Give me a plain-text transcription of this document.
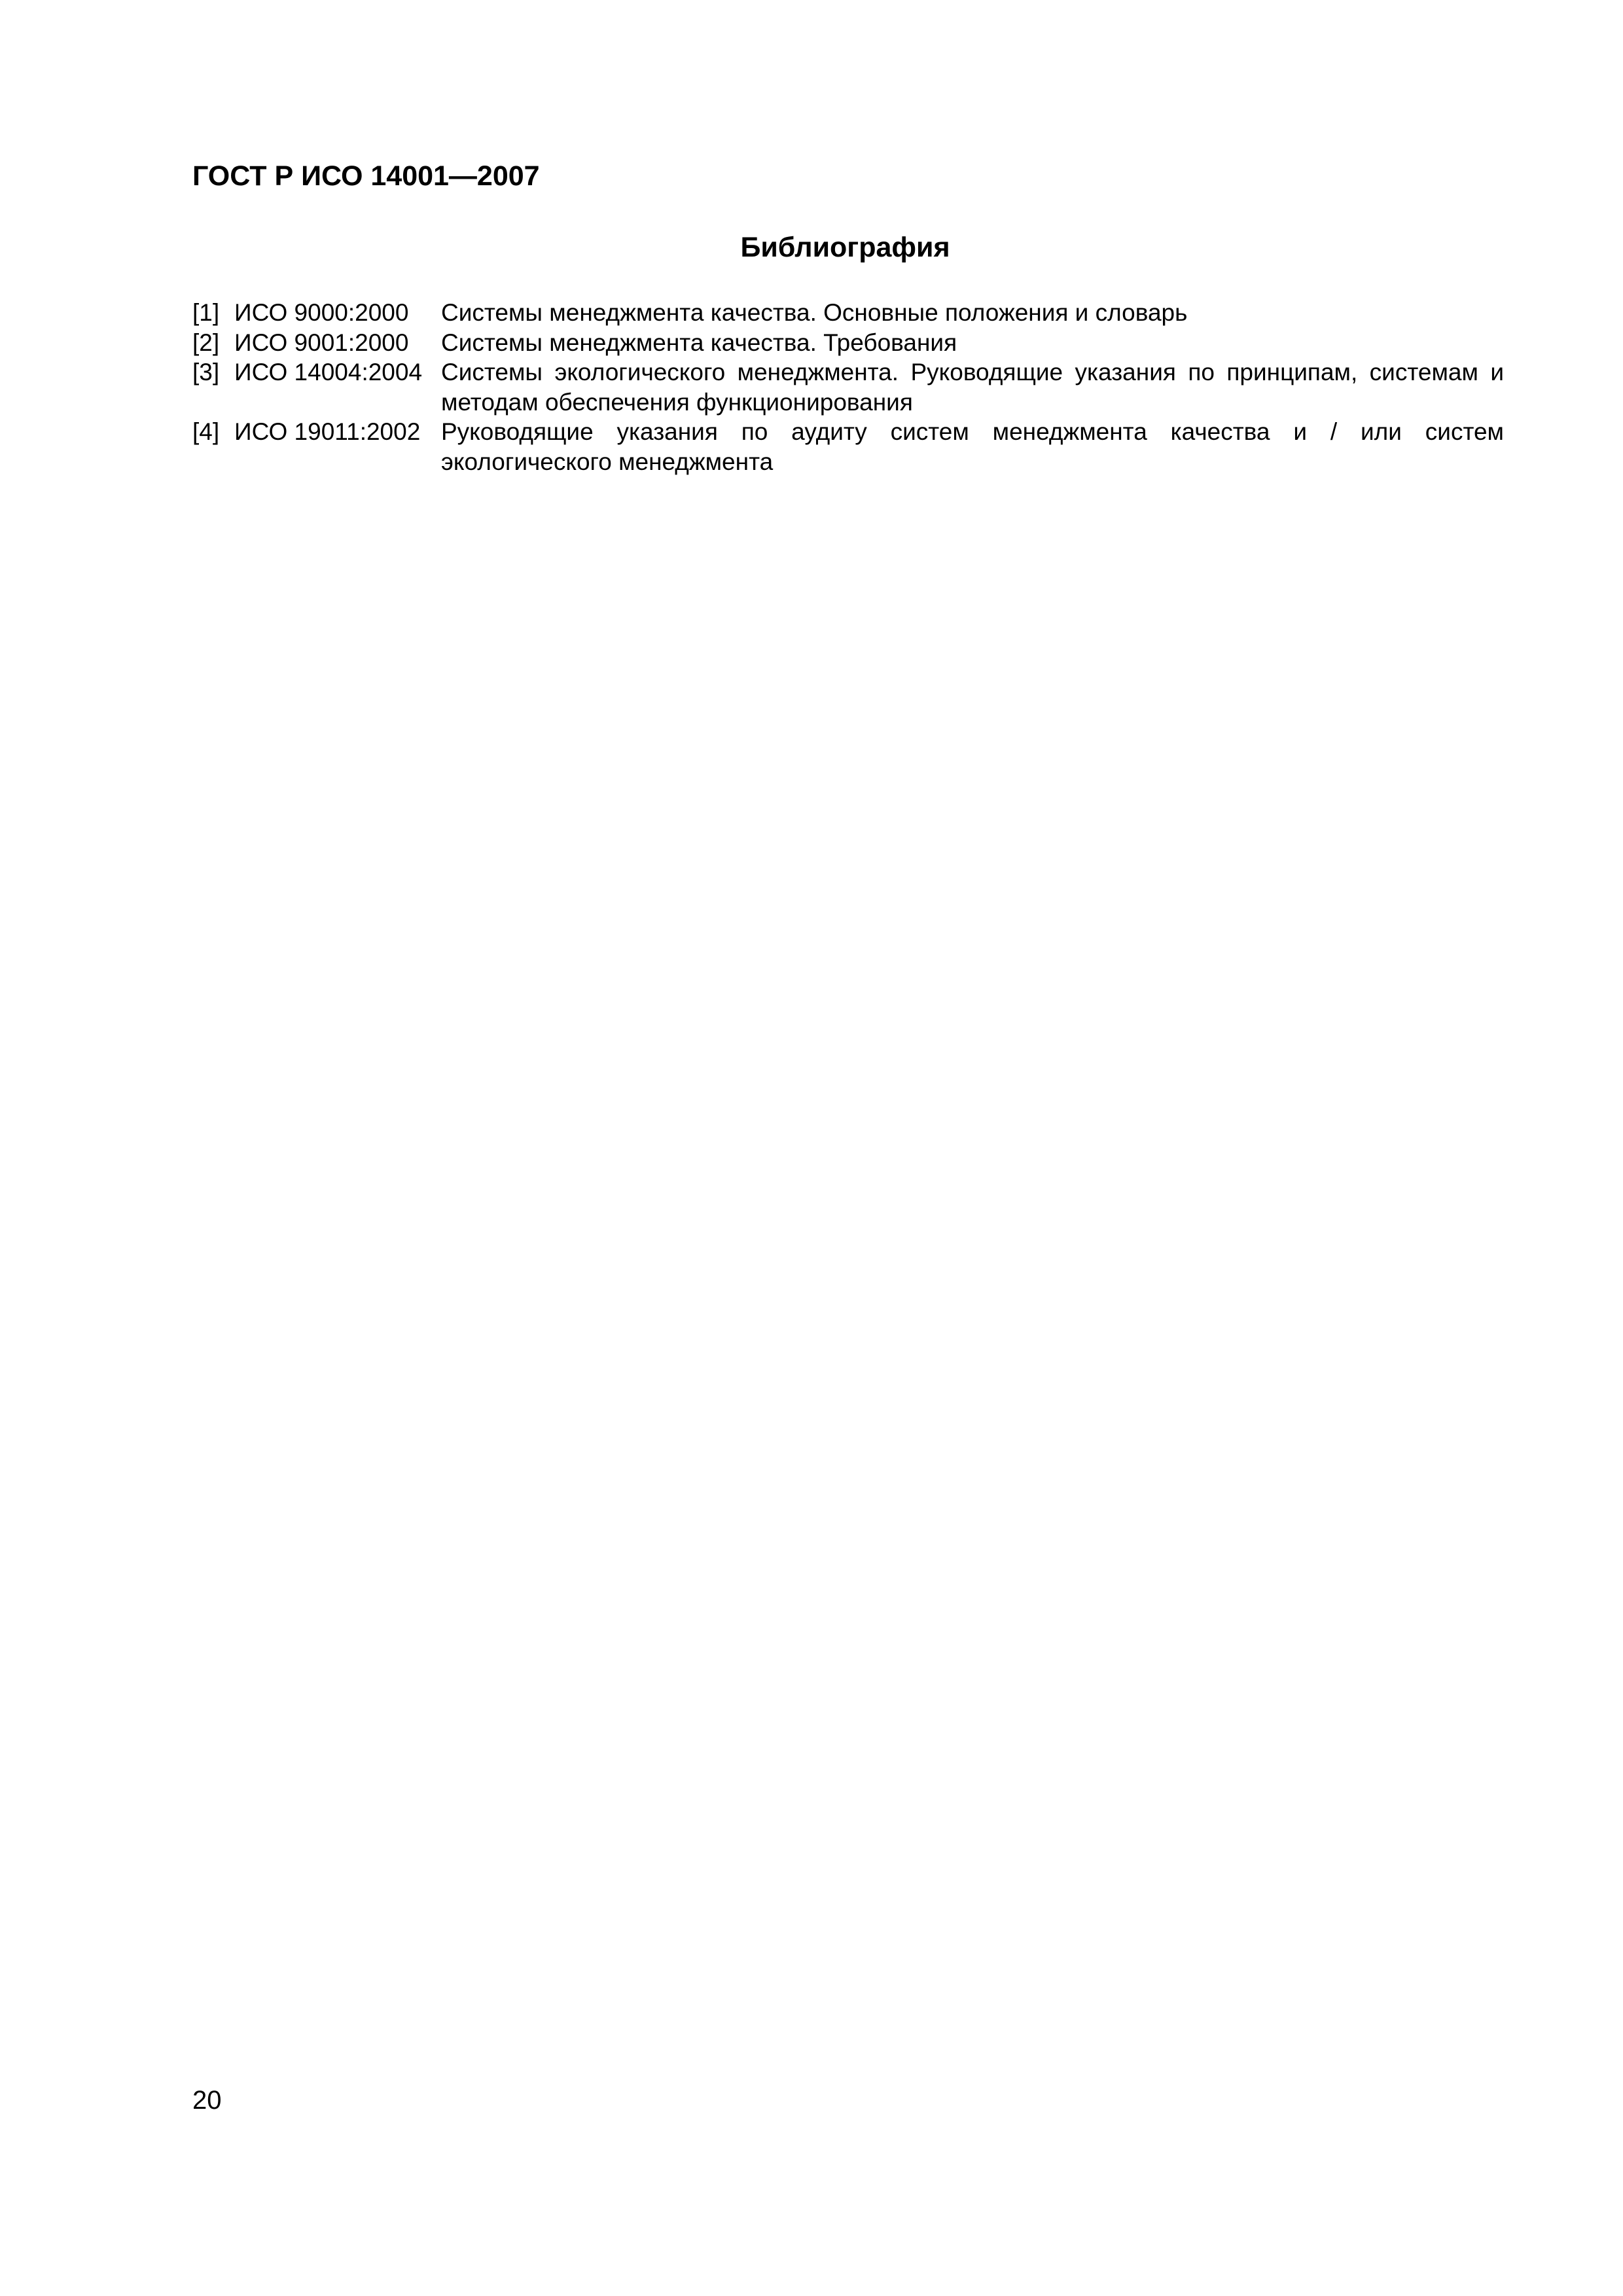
ГОСТ Р ИСО 14001—2007
Библиография
[1] ИСО 9000:2000 Системы менеджмента качества. Основные положения и словарь
[2] ИСО 9001:2000 Системы менеджмента качества. Требования
[3] ИСО 14004:2004 Системы экологического менеджмента. Руководящие указания по принципам, системам и методам обеспечения функционирования
[4] ИСО 19011:2002 Руководящие указания по аудиту систем менеджмента качества и / или систем экологического менеджмента
20
